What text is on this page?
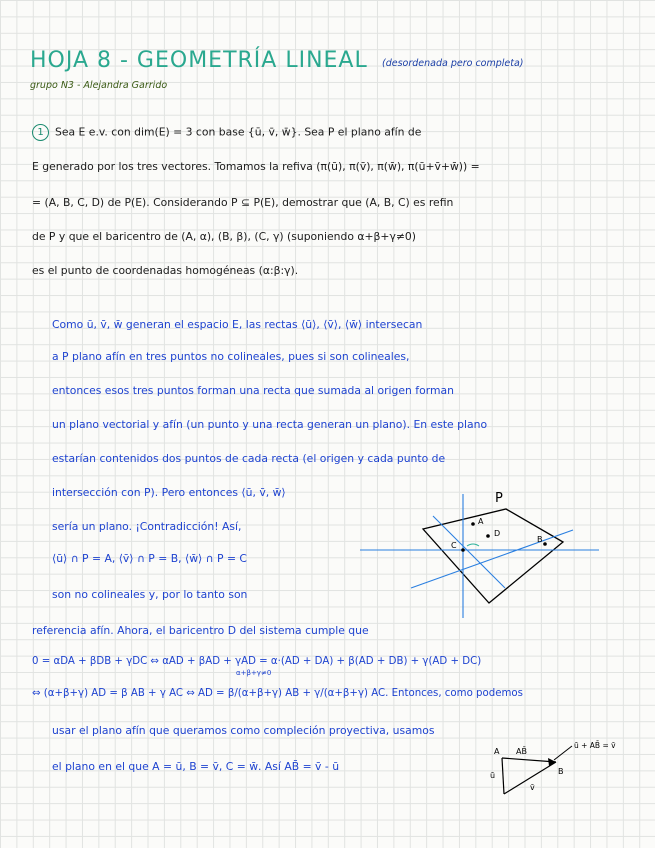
HOJA 8 - GEOMETRÍA LINEAL (desordenada pero completa)
grupo N3 - Alejandra Garrido
1 Sea E e.v. con dim(E) = 3 con base {ū, v̄, w̄}. Sea P el plano afín de
E generado por los tres vectores. Tomamos la refiva (π(ū), π(v̄), π(w̄), π(ū+v̄+w̄)) =
= (A, B, C, D) de P(E). Considerando P ⊆ P(E), demostrar que (A, B, C) es refin
de P y que el baricentro de (A, α), (B, β), (C, γ) (suponiendo α+β+γ≠0)
es el punto de coordenadas homogéneas (α:β:γ).
Como ū, v̄, w̄ generan el espacio E, las rectas ⟨ū⟩, ⟨v̄⟩, ⟨w̄⟩ intersecan
a P plano afín en tres puntos no colineales, pues si son colineales,
entonces esos tres puntos forman una recta que sumada al origen forman
un plano vectorial y afín (un punto y una recta generan un plano). En este plano
estarían contenidos dos puntos de cada recta (el origen y cada punto de
intersección con P). Pero entonces ⟨ū, v̄, w̄⟩
sería un plano. ¡Contradicción! Así,
⟨ū⟩ ∩ P = A, ⟨v̄⟩ ∩ P = B, ⟨w̄⟩ ∩ P = C
son no colineales y, por lo tanto son
referencia afín. Ahora, el baricentro D del sistema cumple que
0̄ = αDĀ + βDB̄ + γDC̄ ⇔ αAD̄ + βAD̄ + γAD̄ = α·(AD̄ + DĀ) + β(AD̄ + DB̄) + γ(AD̄ + DC̄)
α+β+γ≠0
⇔ (α+β+γ) AD̄ = β AB̄ + γ AC̄ ⇔ AD̄ = β/(α+β+γ) AB̄ + γ/(α+β+γ) AC̄. Entonces, como podemos
usar el plano afín que queramos como compleción proyectiva, usamos
el plano en el que A = ū, B = v̄, C = w̄. Así AB̄ = v̄ - ū
P
A
D
C
B
A
B
AB̄
ū
v̄
ū + AB̄ = v̄
